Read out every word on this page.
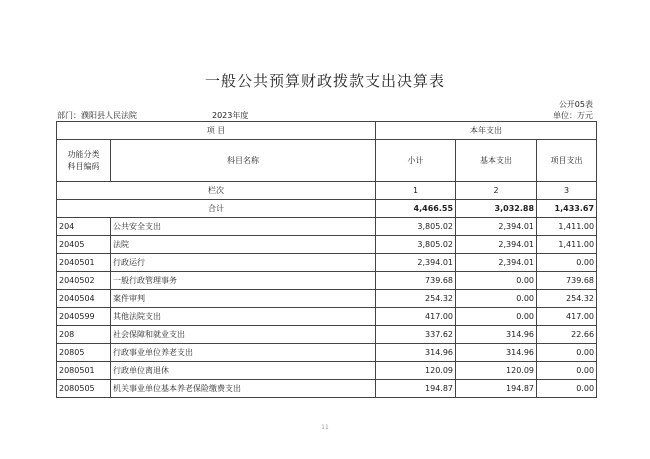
一般公共预算财政拨款支出决算表
公开05表
部门：濮阳县人民法院	2023年度	单位：万元
项 目		本年支出		

功能分类
科目编码	科目名称	小计	基本支出	项目支出
栏次		1	2	3
合计		4,466.55	3,032.88	1,433.67
204	公共安全支出	3,805.02	2,394.01	1,411.00
20405	法院	3,805.02	2,394.01	1,411.00
2040501	行政运行	2,394.01	2,394.01	0.00
2040502	一般行政管理事务	739.68	0.00	739.68
2040504	案件审判	254.32	0.00	254.32
2040599	其他法院支出	417.00	0.00	417.00
208	社会保障和就业支出	337.62	314.96	22.66
20805	行政事业单位养老支出	314.96	314.96	0.00
2080501	行政单位离退休	120.09	120.09	0.00
2080505	机关事业单位基本养老保险缴费支出	194.87	194.87	0.00
11
